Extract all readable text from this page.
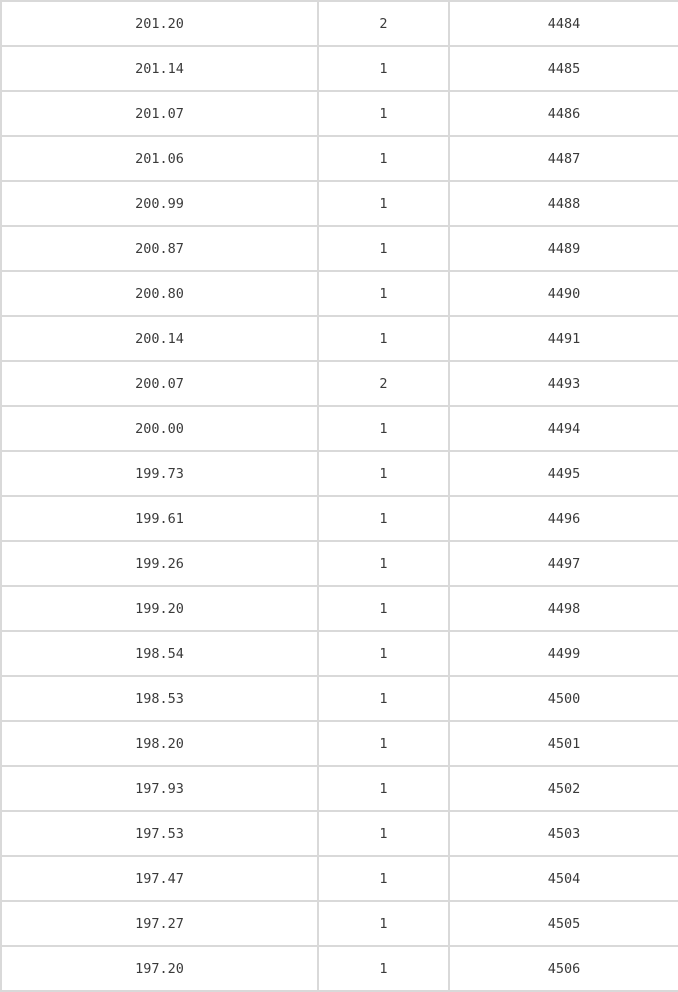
201.20	2	4484
201.14	1	4485
201.07	1	4486
201.06	1	4487
200.99	1	4488
200.87	1	4489
200.80	1	4490
200.14	1	4491
200.07	2	4493
200.00	1	4494
199.73	1	4495
199.61	1	4496
199.26	1	4497
199.20	1	4498
198.54	1	4499
198.53	1	4500
198.20	1	4501
197.93	1	4502
197.53	1	4503
197.47	1	4504
197.27	1	4505
197.20	1	4506
